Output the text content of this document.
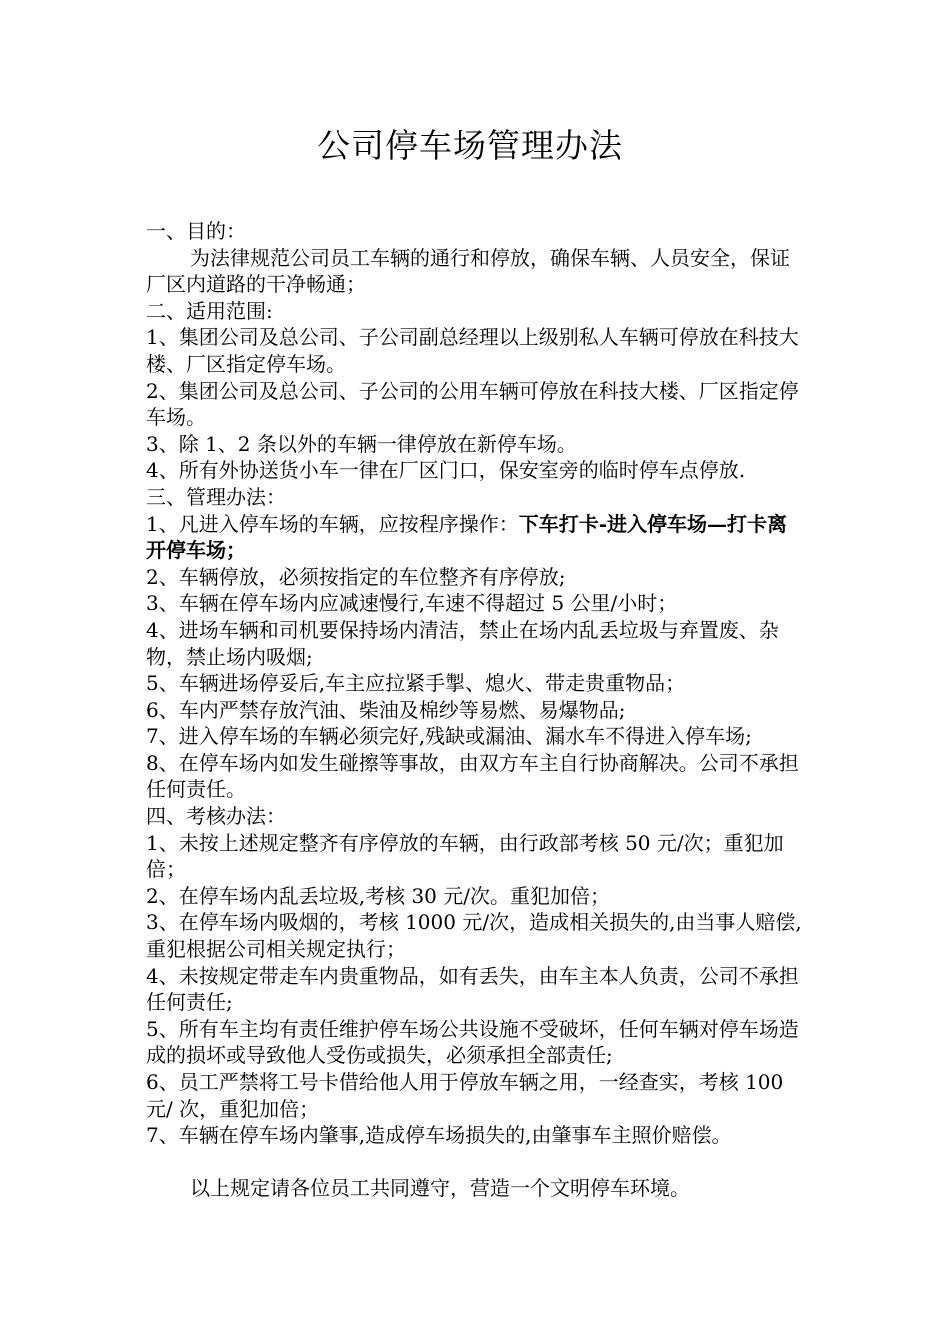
公司停车场管理办法

一、目的：

为法律规范公司员工车辆的通行和停放，确保车辆、人员安全，保证厂区内道路的干净畅通；

二、适用范围:

1、集团公司及总公司、子公司副总经理以上级别私人车辆可停放在科技大楼、厂区指定停车场。

2、集团公司及总公司、子公司的公用车辆可停放在科技大楼、厂区指定停车场。

3、除 1、2 条以外的车辆一律停放在新停车场。

4、所有外协送货小车一律在厂区门口，保安室旁的临时停车点停放.

三、管理办法：

1、凡进入停车场的车辆，应按程序操作：下车打卡-进入停车场—打卡离开停车场；

2、车辆停放，必须按指定的车位整齐有序停放;

3、车辆在停车场内应减速慢行,车速不得超过 5 公里/小时；

4、进场车辆和司机要保持场内清洁，禁止在场内乱丢垃圾与弃置废、杂物，禁止场内吸烟;

5、车辆进场停妥后,车主应拉紧手掣、熄火、带走贵重物品；

6、车内严禁存放汽油、柴油及棉纱等易燃、易爆物品;

7、进入停车场的车辆必须完好,残缺或漏油、漏水车不得进入停车场;

8、在停车场内如发生碰擦等事故，由双方车主自行协商解决。公司不承担任何责任。

四、考核办法：

1、未按上述规定整齐有序停放的车辆，由行政部考核 50 元/次；重犯加倍；

2、在停车场内乱丢垃圾,考核 30 元/次。重犯加倍；

3、在停车场内吸烟的，考核 1000 元/次，造成相关损失的,由当事人赔偿,重犯根据公司相关规定执行；

4、未按规定带走车内贵重物品，如有丢失，由车主本人负责，公司不承担任何责任;

5、所有车主均有责任维护停车场公共设施不受破坏，任何车辆对停车场造成的损坏或导致他人受伤或损失，必须承担全部责任;

6、员工严禁将工号卡借给他人用于停放车辆之用，一经查实，考核 100 元/ 次，重犯加倍；

7、车辆在停车场内肇事,造成停车场损失的,由肇事车主照价赔偿。

以上规定请各位员工共同遵守，营造一个文明停车环境。
